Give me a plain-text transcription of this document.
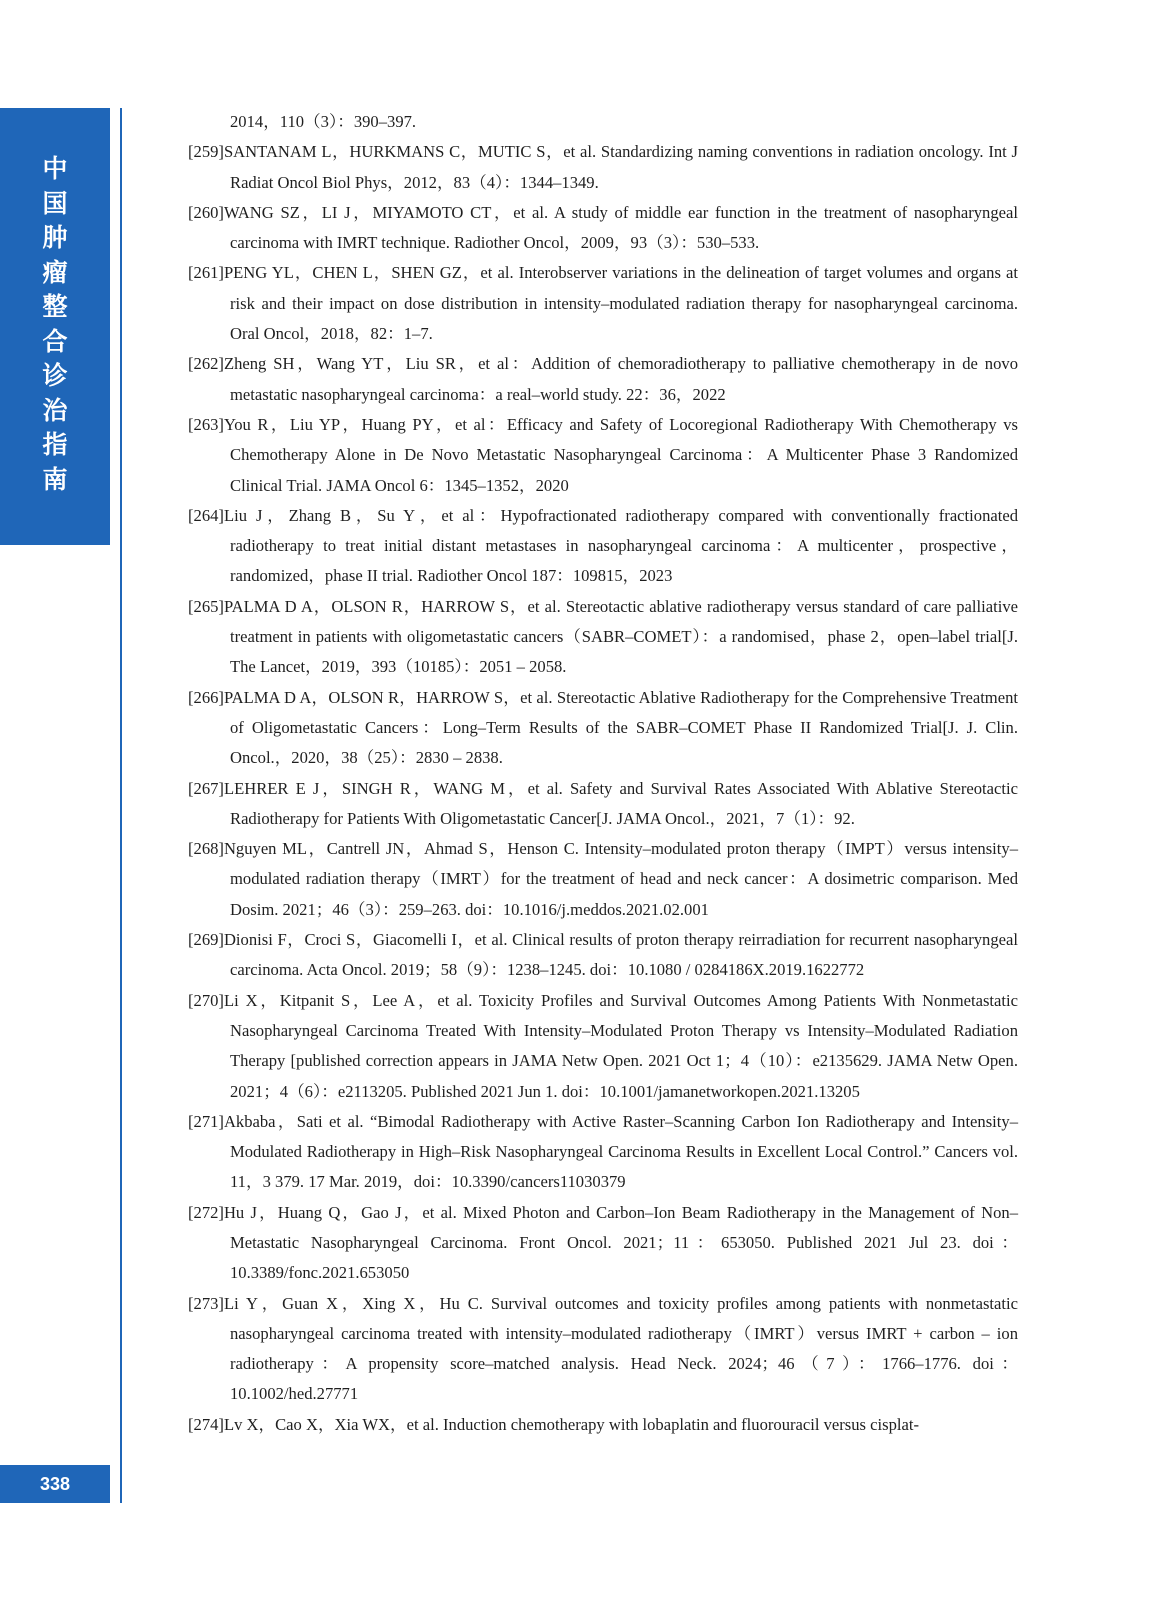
中
国
肿
瘤
整
合
诊
治
指
南
338
2014，110（3）：390–397.
[259]SANTANAM L，HURKMANS C，MUTIC S，et al. Standardizing naming conventions in radiation oncology. Int J Radiat Oncol Biol Phys，2012，83（4）：1344–1349.
[260]WANG SZ，LI J，MIYAMOTO CT，et al. A study of middle ear function in the treatment of nasopharyngeal carcinoma with IMRT technique. Radiother Oncol，2009，93（3）：530–533.
[261]PENG YL，CHEN L，SHEN GZ，et al. Interobserver variations in the delineation of target volumes and organs at risk and their impact on dose distribution in intensity–modulated radiation therapy for nasopharyngeal carcinoma. Oral Oncol，2018，82：1–7.
[262]Zheng SH，Wang YT，Liu SR，et al：Addition of chemoradiotherapy to palliative chemotherapy in de novo metastatic nasopharyngeal carcinoma：a real–world study. 22：36，2022
[263]You R，Liu YP，Huang PY，et al：Efficacy and Safety of Locoregional Radiotherapy With Chemotherapy vs Chemotherapy Alone in De Novo Metastatic Nasopharyngeal Carcinoma：A Multicenter Phase 3 Randomized Clinical Trial. JAMA Oncol 6：1345–1352，2020
[264]Liu J，Zhang B，Su Y，et al：Hypofractionated radiotherapy compared with conventionally fractionated radiotherapy to treat initial distant metastases in nasopharyngeal carcinoma：A multicenter，prospective，randomized，phase II trial. Radiother Oncol 187：109815，2023
[265]PALMA D A，OLSON R，HARROW S，et al. Stereotactic ablative radiotherapy versus standard of care palliative treatment in patients with oligometastatic cancers（SABR–COMET）：a randomised，phase 2，open–label trial[J. The Lancet，2019，393（10185）：2051 – 2058.
[266]PALMA D A，OLSON R，HARROW S，et al. Stereotactic Ablative Radiotherapy for the Comprehensive Treatment of Oligometastatic Cancers：Long–Term Results of the SABR–COMET Phase II Randomized Trial[J. J. Clin. Oncol.，2020，38（25）：2830 – 2838.
[267]LEHRER E J，SINGH R，WANG M，et al. Safety and Survival Rates Associated With Ablative Stereotactic Radiotherapy for Patients With Oligometastatic Cancer[J. JAMA Oncol.，2021，7（1）：92.
[268]Nguyen ML，Cantrell JN，Ahmad S，Henson C. Intensity–modulated proton therapy（IMPT）versus intensity–modulated radiation therapy（IMRT）for the treatment of head and neck cancer：A dosimetric comparison. Med Dosim. 2021；46（3）：259–263. doi：10.1016/j.meddos.2021.02.001
[269]Dionisi F，Croci S，Giacomelli I，et al. Clinical results of proton therapy reirradiation for recurrent nasopharyngeal carcinoma. Acta Oncol. 2019；58（9）：1238–1245. doi：10.1080 / 0284186X.2019.1622772
[270]Li X，Kitpanit S，Lee A，et al. Toxicity Profiles and Survival Outcomes Among Patients With Nonmetastatic Nasopharyngeal Carcinoma Treated With Intensity–Modulated Proton Therapy vs Intensity–Modulated Radiation Therapy [published correction appears in JAMA Netw Open. 2021 Oct 1；4（10）：e2135629. JAMA Netw Open. 2021；4（6）：e2113205. Published 2021 Jun 1. doi：10.1001/jamanetworkopen.2021.13205
[271]Akbaba，Sati et al. “Bimodal Radiotherapy with Active Raster–Scanning Carbon Ion Radiotherapy and Intensity–Modulated Radiotherapy in High–Risk Nasopharyngeal Carcinoma Results in Excellent Local Control.” Cancers vol. 11，3 379. 17 Mar. 2019，doi：10.3390/cancers11030379
[272]Hu J，Huang Q，Gao J，et al. Mixed Photon and Carbon–Ion Beam Radiotherapy in the Management of Non–Metastatic Nasopharyngeal Carcinoma. Front Oncol. 2021；11：653050. Published 2021 Jul 23. doi：10.3389/fonc.2021.653050
[273]Li Y，Guan X，Xing X，Hu C. Survival outcomes and toxicity profiles among patients with nonmetastatic nasopharyngeal carcinoma treated with intensity–modulated radiotherapy（IMRT）versus IMRT + carbon – ion radiotherapy：A propensity score–matched analysis. Head Neck. 2024；46（7）：1766–1776. doi：10.1002/hed.27771
[274]Lv X，Cao X，Xia WX，et al. Induction chemotherapy with lobaplatin and fluorouracil versus cisplat-
